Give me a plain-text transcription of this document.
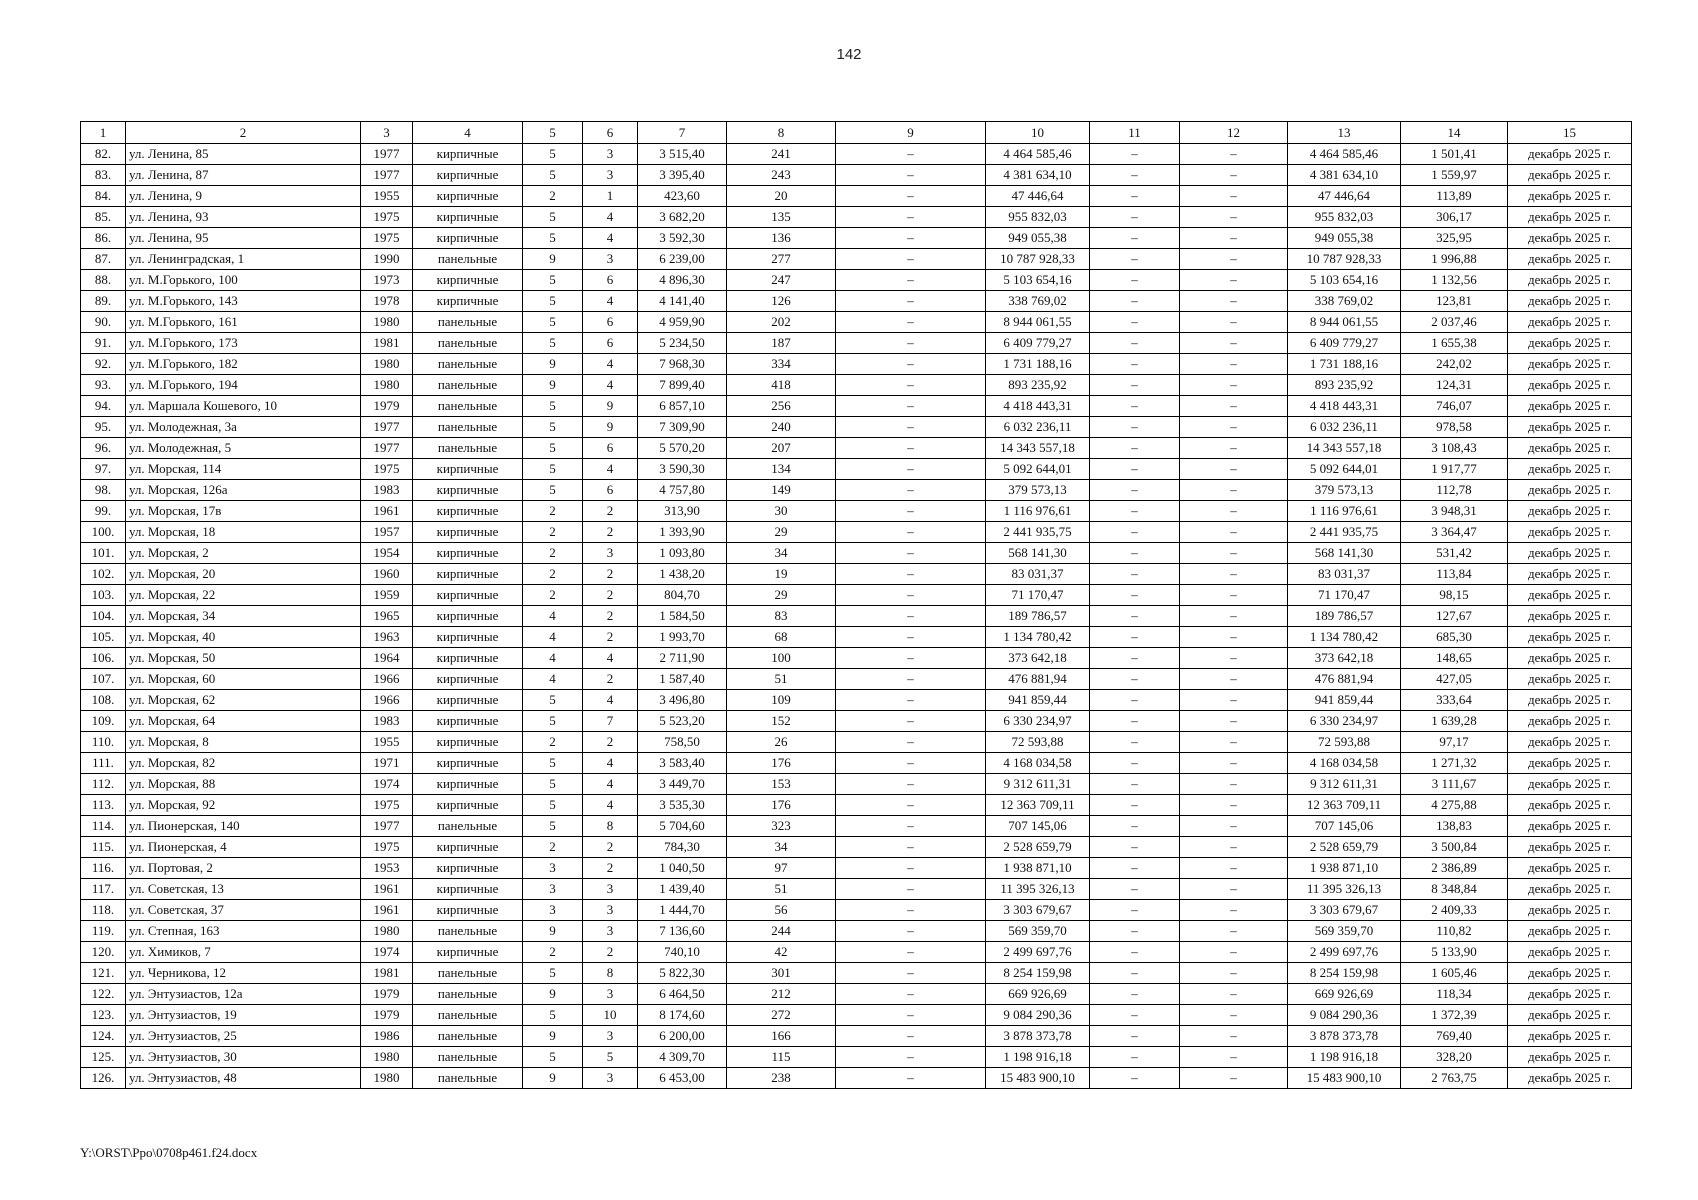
142
1	2	3	4	5	6	7	8	9	10	11	12	13	14	15
82.	ул. Ленина, 85	1977	кирпичные	5	3	3 515,40	241	–	4 464 585,46	–	–	4 464 585,46	1 501,41	декабрь 2025 г.
83.	ул. Ленина, 87	1977	кирпичные	5	3	3 395,40	243	–	4 381 634,10	–	–	4 381 634,10	1 559,97	декабрь 2025 г.
84.	ул. Ленина, 9	1955	кирпичные	2	1	423,60	20	–	47 446,64	–	–	47 446,64	113,89	декабрь 2025 г.
85.	ул. Ленина, 93	1975	кирпичные	5	4	3 682,20	135	–	955 832,03	–	–	955 832,03	306,17	декабрь 2025 г.
86.	ул. Ленина, 95	1975	кирпичные	5	4	3 592,30	136	–	949 055,38	–	–	949 055,38	325,95	декабрь 2025 г.
87.	ул. Ленинградская, 1	1990	панельные	9	3	6 239,00	277	–	10 787 928,33	–	–	10 787 928,33	1 996,88	декабрь 2025 г.
88.	ул. М.Горького, 100	1973	кирпичные	5	6	4 896,30	247	–	5 103 654,16	–	–	5 103 654,16	1 132,56	декабрь 2025 г.
89.	ул. М.Горького, 143	1978	кирпичные	5	4	4 141,40	126	–	338 769,02	–	–	338 769,02	123,81	декабрь 2025 г.
90.	ул. М.Горького, 161	1980	панельные	5	6	4 959,90	202	–	8 944 061,55	–	–	8 944 061,55	2 037,46	декабрь 2025 г.
91.	ул. М.Горького, 173	1981	панельные	5	6	5 234,50	187	–	6 409 779,27	–	–	6 409 779,27	1 655,38	декабрь 2025 г.
92.	ул. М.Горького, 182	1980	панельные	9	4	7 968,30	334	–	1 731 188,16	–	–	1 731 188,16	242,02	декабрь 2025 г.
93.	ул. М.Горького, 194	1980	панельные	9	4	7 899,40	418	–	893 235,92	–	–	893 235,92	124,31	декабрь 2025 г.
94.	ул. Маршала Кошевого, 10	1979	панельные	5	9	6 857,10	256	–	4 418 443,31	–	–	4 418 443,31	746,07	декабрь 2025 г.
95.	ул. Молодежная, 3а	1977	панельные	5	9	7 309,90	240	–	6 032 236,11	–	–	6 032 236,11	978,58	декабрь 2025 г.
96.	ул. Молодежная, 5	1977	панельные	5	6	5 570,20	207	–	14 343 557,18	–	–	14 343 557,18	3 108,43	декабрь 2025 г.
97.	ул. Морская, 114	1975	кирпичные	5	4	3 590,30	134	–	5 092 644,01	–	–	5 092 644,01	1 917,77	декабрь 2025 г.
98.	ул. Морская, 126а	1983	кирпичные	5	6	4 757,80	149	–	379 573,13	–	–	379 573,13	112,78	декабрь 2025 г.
99.	ул. Морская, 17в	1961	кирпичные	2	2	313,90	30	–	1 116 976,61	–	–	1 116 976,61	3 948,31	декабрь 2025 г.
100.	ул. Морская, 18	1957	кирпичные	2	2	1 393,90	29	–	2 441 935,75	–	–	2 441 935,75	3 364,47	декабрь 2025 г.
101.	ул. Морская, 2	1954	кирпичные	2	3	1 093,80	34	–	568 141,30	–	–	568 141,30	531,42	декабрь 2025 г.
102.	ул. Морская, 20	1960	кирпичные	2	2	1 438,20	19	–	83 031,37	–	–	83 031,37	113,84	декабрь 2025 г.
103.	ул. Морская, 22	1959	кирпичные	2	2	804,70	29	–	71 170,47	–	–	71 170,47	98,15	декабрь 2025 г.
104.	ул. Морская, 34	1965	кирпичные	4	2	1 584,50	83	–	189 786,57	–	–	189 786,57	127,67	декабрь 2025 г.
105.	ул. Морская, 40	1963	кирпичные	4	2	1 993,70	68	–	1 134 780,42	–	–	1 134 780,42	685,30	декабрь 2025 г.
106.	ул. Морская, 50	1964	кирпичные	4	4	2 711,90	100	–	373 642,18	–	–	373 642,18	148,65	декабрь 2025 г.
107.	ул. Морская, 60	1966	кирпичные	4	2	1 587,40	51	–	476 881,94	–	–	476 881,94	427,05	декабрь 2025 г.
108.	ул. Морская, 62	1966	кирпичные	5	4	3 496,80	109	–	941 859,44	–	–	941 859,44	333,64	декабрь 2025 г.
109.	ул. Морская, 64	1983	кирпичные	5	7	5 523,20	152	–	6 330 234,97	–	–	6 330 234,97	1 639,28	декабрь 2025 г.
110.	ул. Морская, 8	1955	кирпичные	2	2	758,50	26	–	72 593,88	–	–	72 593,88	97,17	декабрь 2025 г.
111.	ул. Морская, 82	1971	кирпичные	5	4	3 583,40	176	–	4 168 034,58	–	–	4 168 034,58	1 271,32	декабрь 2025 г.
112.	ул. Морская, 88	1974	кирпичные	5	4	3 449,70	153	–	9 312 611,31	–	–	9 312 611,31	3 111,67	декабрь 2025 г.
113.	ул. Морская, 92	1975	кирпичные	5	4	3 535,30	176	–	12 363 709,11	–	–	12 363 709,11	4 275,88	декабрь 2025 г.
114.	ул. Пионерская, 140	1977	панельные	5	8	5 704,60	323	–	707 145,06	–	–	707 145,06	138,83	декабрь 2025 г.
115.	ул. Пионерская, 4	1975	кирпичные	2	2	784,30	34	–	2 528 659,79	–	–	2 528 659,79	3 500,84	декабрь 2025 г.
116.	ул. Портовая, 2	1953	кирпичные	3	2	1 040,50	97	–	1 938 871,10	–	–	1 938 871,10	2 386,89	декабрь 2025 г.
117.	ул. Советская, 13	1961	кирпичные	3	3	1 439,40	51	–	11 395 326,13	–	–	11 395 326,13	8 348,84	декабрь 2025 г.
118.	ул. Советская, 37	1961	кирпичные	3	3	1 444,70	56	–	3 303 679,67	–	–	3 303 679,67	2 409,33	декабрь 2025 г.
119.	ул. Степная, 163	1980	панельные	9	3	7 136,60	244	–	569 359,70	–	–	569 359,70	110,82	декабрь 2025 г.
120.	ул. Химиков, 7	1974	кирпичные	2	2	740,10	42	–	2 499 697,76	–	–	2 499 697,76	5 133,90	декабрь 2025 г.
121.	ул. Черникова, 12	1981	панельные	5	8	5 822,30	301	–	8 254 159,98	–	–	8 254 159,98	1 605,46	декабрь 2025 г.
122.	ул. Энтузиастов, 12а	1979	панельные	9	3	6 464,50	212	–	669 926,69	–	–	669 926,69	118,34	декабрь 2025 г.
123.	ул. Энтузиастов, 19	1979	панельные	5	10	8 174,60	272	–	9 084 290,36	–	–	9 084 290,36	1 372,39	декабрь 2025 г.
124.	ул. Энтузиастов, 25	1986	панельные	9	3	6 200,00	166	–	3 878 373,78	–	–	3 878 373,78	769,40	декабрь 2025 г.
125.	ул. Энтузиастов, 30	1980	панельные	5	5	4 309,70	115	–	1 198 916,18	–	–	1 198 916,18	328,20	декабрь 2025 г.
126.	ул. Энтузиастов, 48	1980	панельные	9	3	6 453,00	238	–	15 483 900,10	–	–	15 483 900,10	2 763,75	декабрь 2025 г.
Y:\ORST\Ppo\0708p461.f24.docx
